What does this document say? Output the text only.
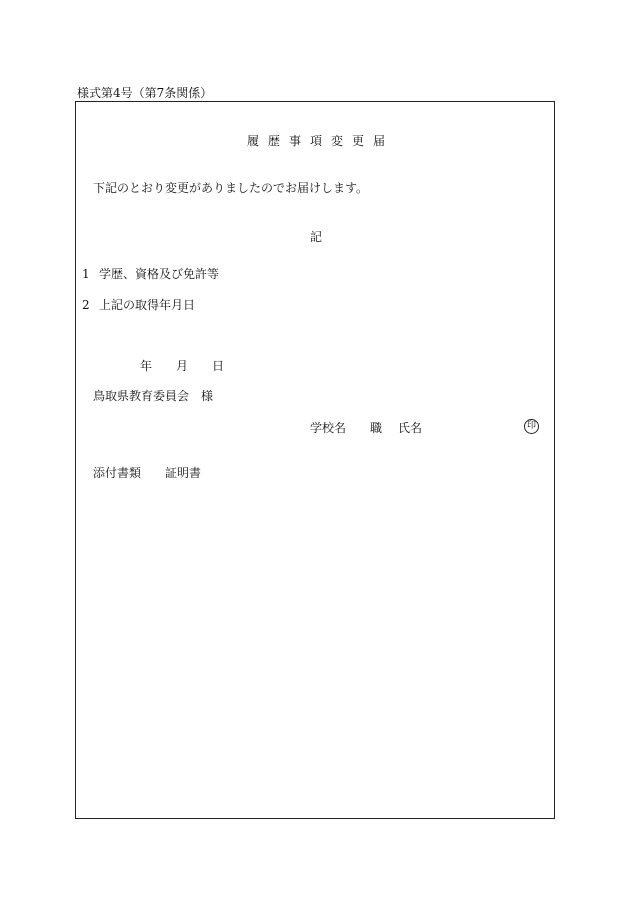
様式第4号（第7条関係）
履歴事項変更届
下記のとおり変更がありましたのでお届けします。
記
1 学歴、資格及び免許等
2 上記の取得年月日
年 月 日
鳥取県教育委員会　様
学校名 職 氏名	印
添付書類 証明書
